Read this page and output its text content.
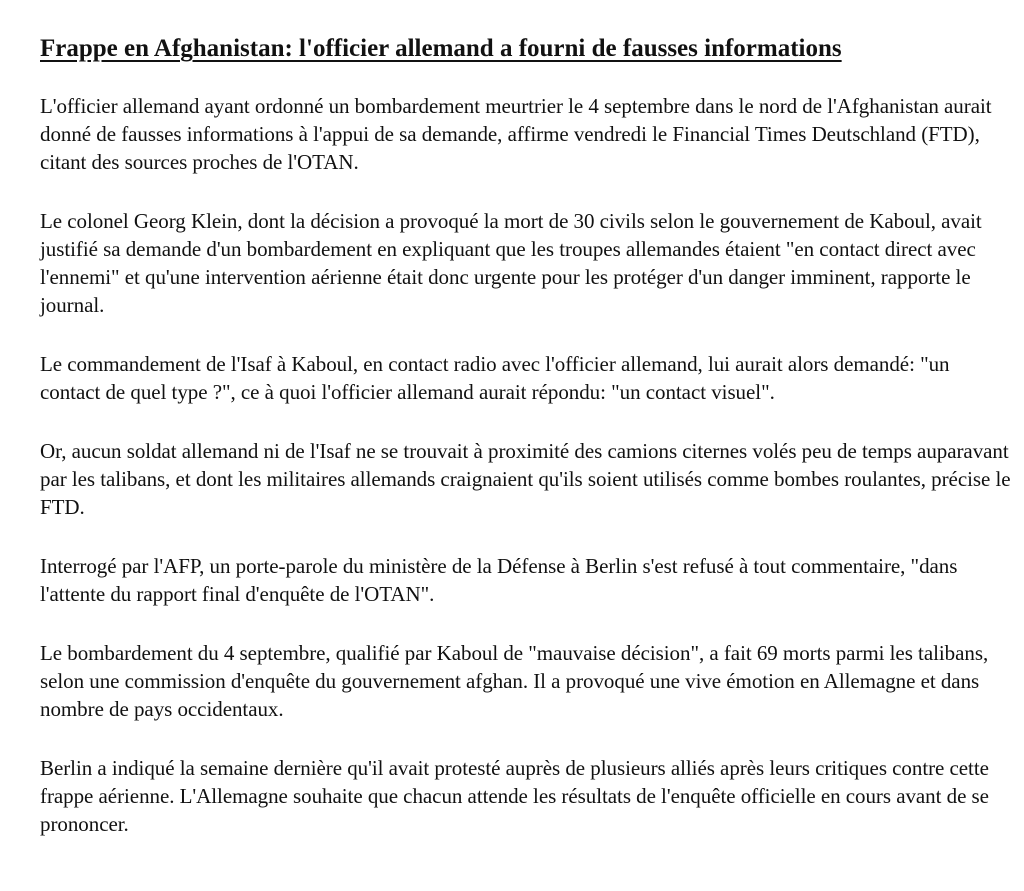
Frappe en Afghanistan: l'officier allemand a fourni de fausses informations

L'officier allemand ayant ordonné un bombardement meurtrier le 4 septembre dans le nord de l'Afghanistan aurait donné de fausses informations à l'appui de sa demande, affirme vendredi le Financial Times Deutschland (FTD), citant des sources proches de l'OTAN.

Le colonel Georg Klein, dont la décision a provoqué la mort de 30 civils selon le gouvernement de Kaboul, avait justifié sa demande d'un bombardement en expliquant que les troupes allemandes étaient "en contact direct avec l'ennemi" et qu'une intervention aérienne était donc urgente pour les protéger d'un danger imminent, rapporte le journal.

Le commandement de l'Isaf à Kaboul, en contact radio avec l'officier allemand, lui aurait alors demandé: "un contact de quel type ?", ce à quoi l'officier allemand aurait répondu: "un contact visuel".

Or, aucun soldat allemand ni de l'Isaf ne se trouvait à proximité des camions citernes volés peu de temps auparavant par les talibans, et dont les militaires allemands craignaient qu'ils soient utilisés comme bombes roulantes, précise le FTD.

Interrogé par l'AFP, un porte-parole du ministère de la Défense à Berlin s'est refusé à tout commentaire, "dans l'attente du rapport final d'enquête de l'OTAN".

Le bombardement du 4 septembre, qualifié par Kaboul de "mauvaise décision", a fait 69 morts parmi les talibans, selon une commission d'enquête du gouvernement afghan. Il a provoqué une vive émotion en Allemagne et dans nombre de pays occidentaux.

Berlin a indiqué la semaine dernière qu'il avait protesté auprès de plusieurs alliés après leurs critiques contre cette frappe aérienne. L'Allemagne souhaite que chacun attende les résultats de l'enquête officielle en cours avant de se prononcer.
